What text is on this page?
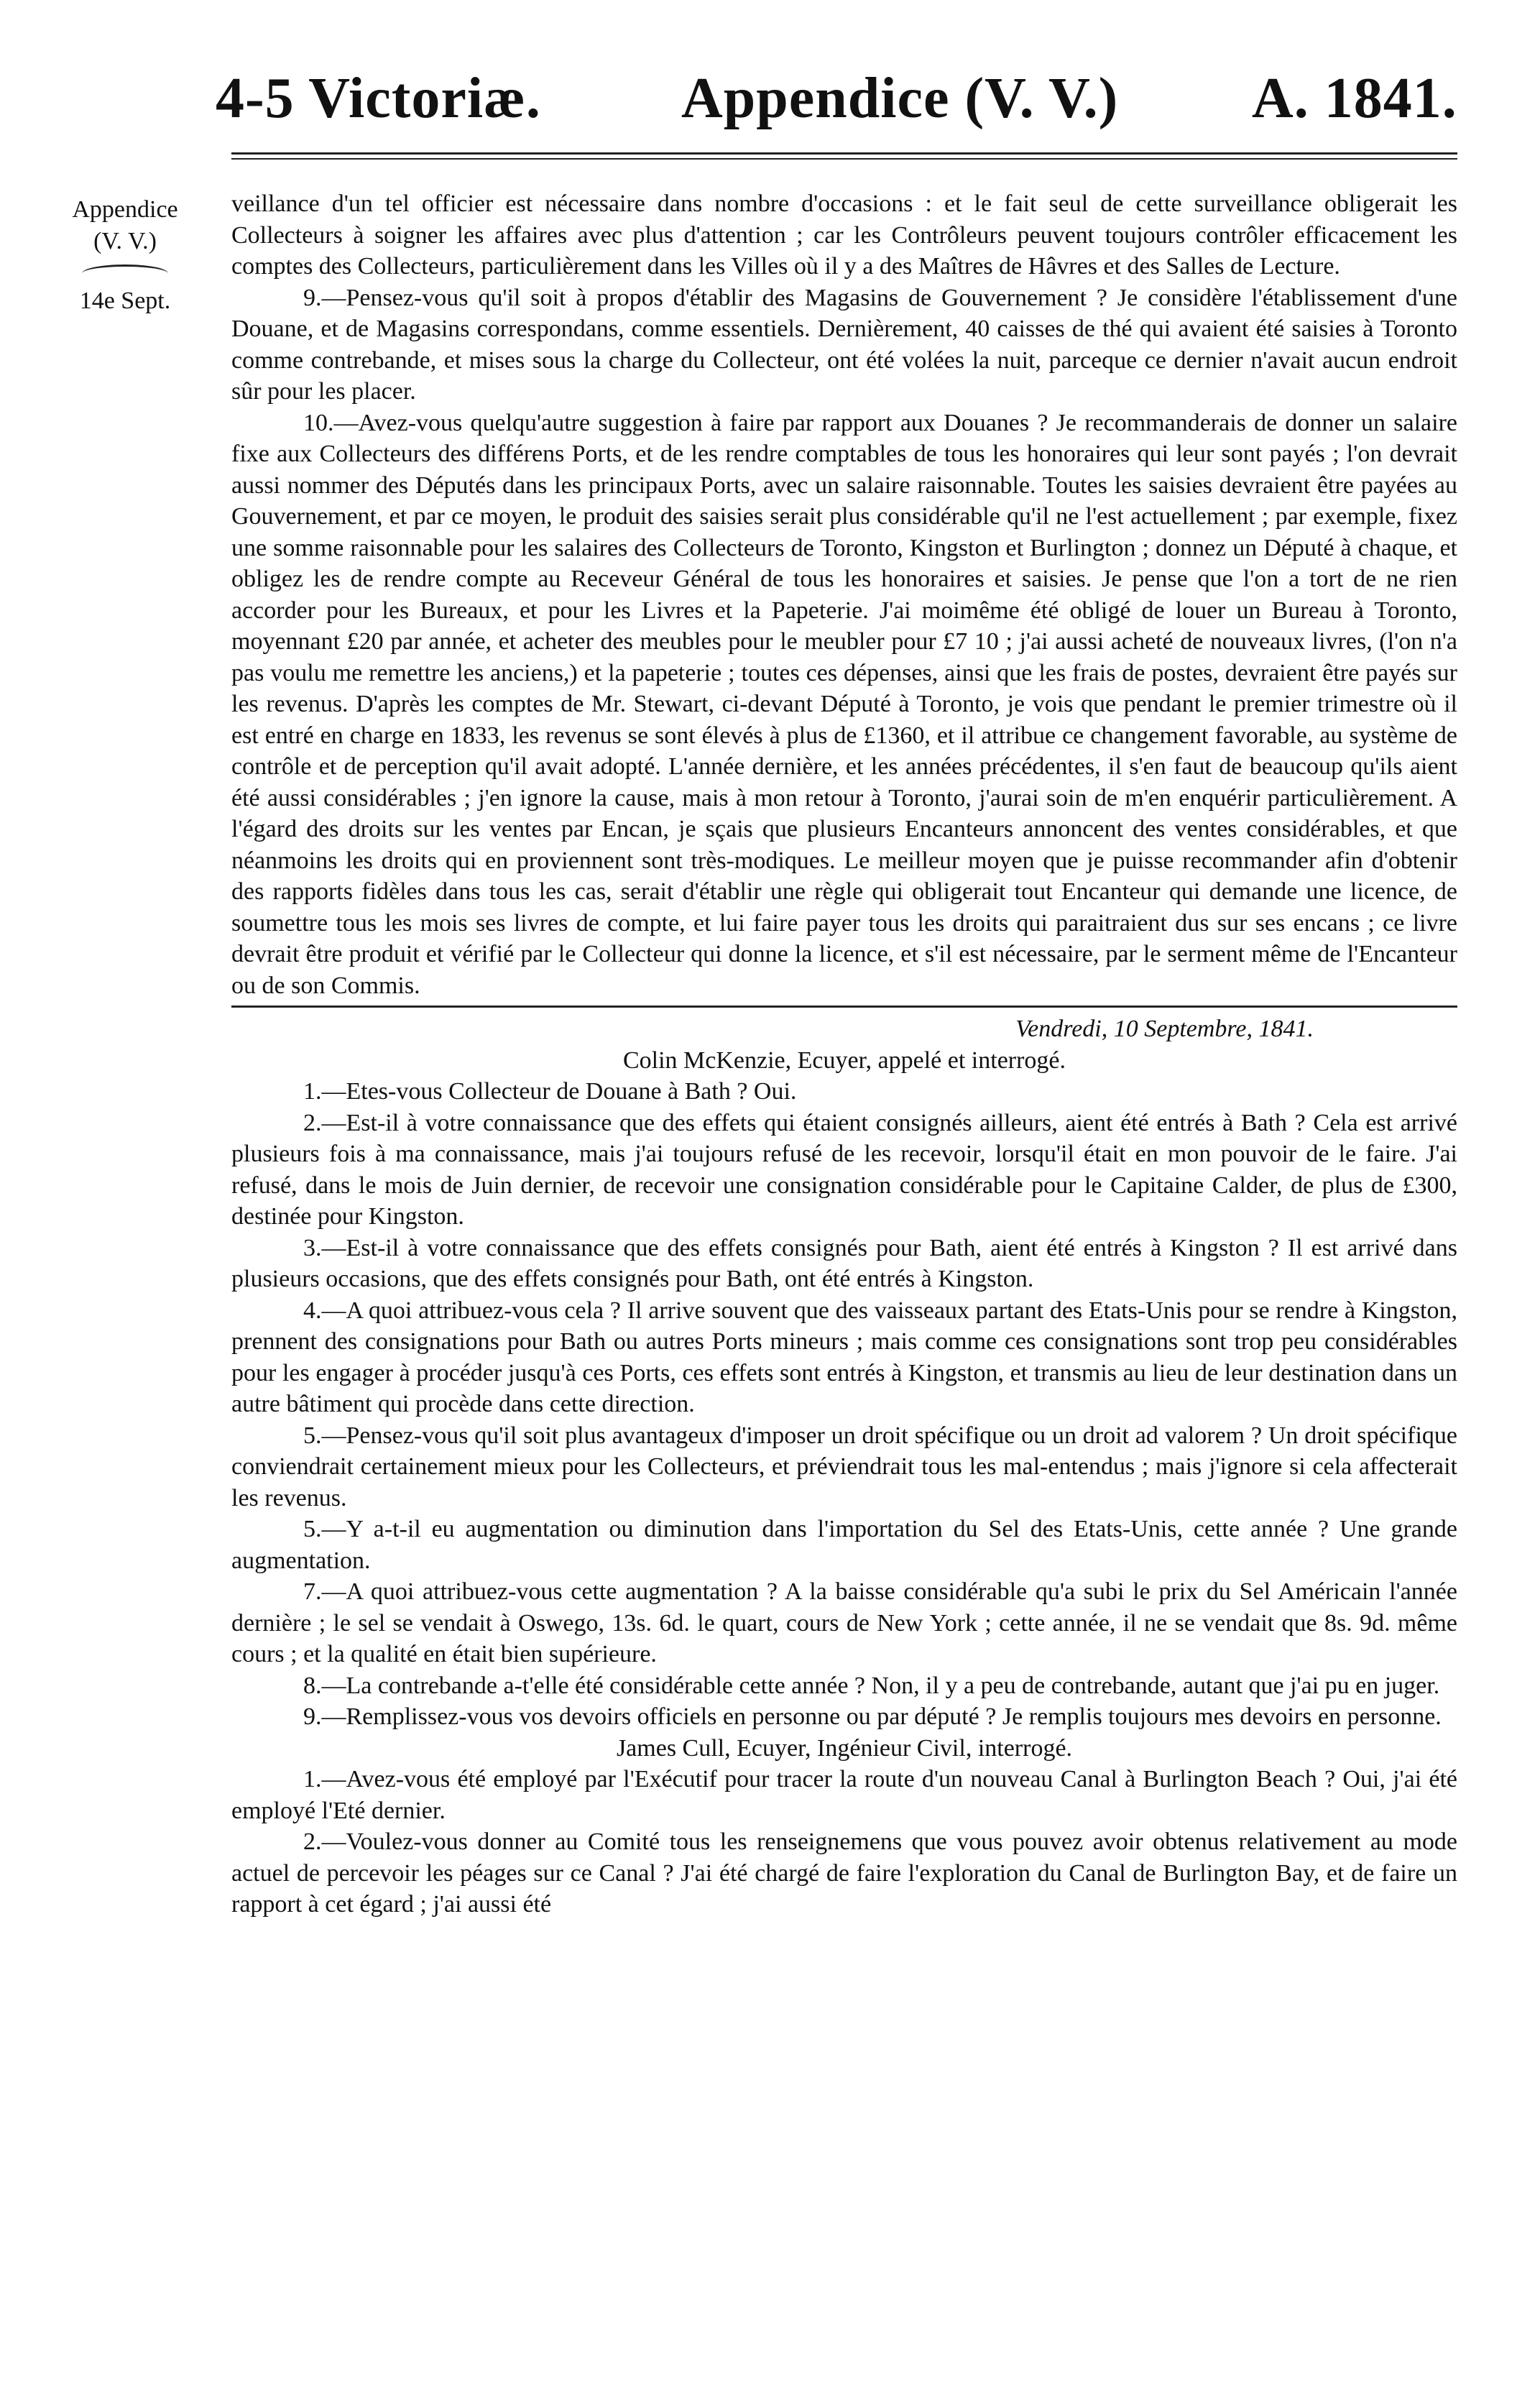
4-5 Victoriæ. Appendice (V. V.) A. 1841.
Appendice
(V. V.)
14e Sept.

veillance d'un tel officier est nécessaire dans nombre d'occasions : et le fait seul de cette surveillance obligerait les Collecteurs à soigner les affaires avec plus d'attention ; car les Contrôleurs peuvent toujours contrôler efficacement les comptes des Collecteurs, particulièrement dans les Villes où il y a des Maîtres de Hâvres et des Salles de Lecture.

9.—Pensez-vous qu'il soit à propos d'établir des Magasins de Gouvernement ? Je considère l'établissement d'une Douane, et de Magasins correspondans, comme essentiels. Dernièrement, 40 caisses de thé qui avaient été saisies à Toronto comme contrebande, et mises sous la charge du Collecteur, ont été volées la nuit, parceque ce dernier n'avait aucun endroit sûr pour les placer.

10.—Avez-vous quelqu'autre suggestion à faire par rapport aux Douanes ? Je recommanderais de donner un salaire fixe aux Collecteurs des différens Ports, et de les rendre comptables de tous les honoraires qui leur sont payés ; l'on devrait aussi nommer des Députés dans les principaux Ports, avec un salaire raisonnable. Toutes les saisies devraient être payées au Gouvernement, et par ce moyen, le produit des saisies serait plus considérable qu'il ne l'est actuellement ; par exemple, fixez une somme raisonnable pour les salaires des Collecteurs de Toronto, Kingston et Burlington ; donnez un Député à chaque, et obligez les de rendre compte au Receveur Général de tous les honoraires et saisies. Je pense que l'on a tort de ne rien accorder pour les Bureaux, et pour les Livres et la Papeterie. J'ai moimême été obligé de louer un Bureau à Toronto, moyennant £20 par année, et acheter des meubles pour le meubler pour £7 10 ; j'ai aussi acheté de nouveaux livres, (l'on n'a pas voulu me remettre les anciens,) et la papeterie ; toutes ces dépenses, ainsi que les frais de postes, devraient être payés sur les revenus. D'après les comptes de Mr. Stewart, ci-devant Député à Toronto, je vois que pendant le premier trimestre où il est entré en charge en 1833, les revenus se sont élevés à plus de £1360, et il attribue ce changement favorable, au système de contrôle et de perception qu'il avait adopté. L'année dernière, et les années précédentes, il s'en faut de beaucoup qu'ils aient été aussi considérables ; j'en ignore la cause, mais à mon retour à Toronto, j'aurai soin de m'en enquérir particulièrement. A l'égard des droits sur les ventes par Encan, je sçais que plusieurs Encanteurs annoncent des ventes considérables, et que néanmoins les droits qui en proviennent sont très-modiques. Le meilleur moyen que je puisse recommander afin d'obtenir des rapports fidèles dans tous les cas, serait d'établir une règle qui obligerait tout Encanteur qui demande une licence, de soumettre tous les mois ses livres de compte, et lui faire payer tous les droits qui paraitraient dus sur ses encans ; ce livre devrait être produit et vérifié par le Collecteur qui donne la licence, et s'il est nécessaire, par le serment même de l'Encanteur ou de son Commis.

Vendredi, 10 Septembre, 1841.

Colin McKenzie, Ecuyer, appelé et interrogé.

1.—Etes-vous Collecteur de Douane à Bath ? Oui.

2.—Est-il à votre connaissance que des effets qui étaient consignés ailleurs, aient été entrés à Bath ? Cela est arrivé plusieurs fois à ma connaissance, mais j'ai toujours refusé de les recevoir, lorsqu'il était en mon pouvoir de le faire. J'ai refusé, dans le mois de Juin dernier, de recevoir une consignation considérable pour le Capitaine Calder, de plus de £300, destinée pour Kingston.

3.—Est-il à votre connaissance que des effets consignés pour Bath, aient été entrés à Kingston ? Il est arrivé dans plusieurs occasions, que des effets consignés pour Bath, ont été entrés à Kingston.

4.—A quoi attribuez-vous cela ? Il arrive souvent que des vaisseaux partant des Etats-Unis pour se rendre à Kingston, prennent des consignations pour Bath ou autres Ports mineurs ; mais comme ces consignations sont trop peu considérables pour les engager à procéder jusqu'à ces Ports, ces effets sont entrés à Kingston, et transmis au lieu de leur destination dans un autre bâtiment qui procède dans cette direction.

5.—Pensez-vous qu'il soit plus avantageux d'imposer un droit spécifique ou un droit ad valorem ? Un droit spécifique conviendrait certainement mieux pour les Collecteurs, et préviendrait tous les mal-entendus ; mais j'ignore si cela affecterait les revenus.

5.—Y a-t-il eu augmentation ou diminution dans l'importation du Sel des Etats-Unis, cette année ? Une grande augmentation.

7.—A quoi attribuez-vous cette augmentation ? A la baisse considérable qu'a subi le prix du Sel Américain l'année dernière ; le sel se vendait à Oswego, 13s. 6d. le quart, cours de New York ; cette année, il ne se vendait que 8s. 9d. même cours ; et la qualité en était bien supérieure.

8.—La contrebande a-t'elle été considérable cette année ? Non, il y a peu de contrebande, autant que j'ai pu en juger.

9.—Remplissez-vous vos devoirs officiels en personne ou par député ? Je remplis toujours mes devoirs en personne.

James Cull, Ecuyer, Ingénieur Civil, interrogé.

1.—Avez-vous été employé par l'Exécutif pour tracer la route d'un nouveau Canal à Burlington Beach ? Oui, j'ai été employé l'Eté dernier.

2.—Voulez-vous donner au Comité tous les renseignemens que vous pouvez avoir obtenus relativement au mode actuel de percevoir les péages sur ce Canal ? J'ai été chargé de faire l'exploration du Canal de Burlington Bay, et de faire un rapport à cet égard ; j'ai aussi été
